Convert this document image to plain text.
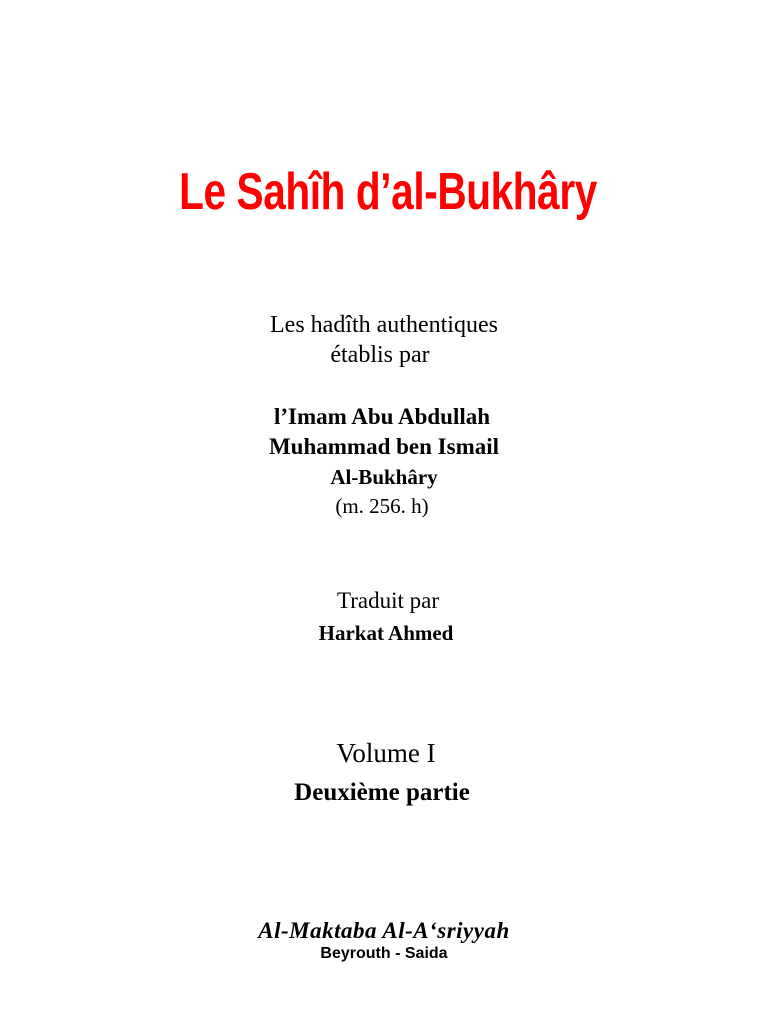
Le Sahîh d’al-Bukhâry
Les hadîth authentiques
établis par
l’Imam Abu Abdullah
Muhammad ben Ismail
Al-Bukhâry
(m. 256. h)
Traduit par
Harkat Ahmed
Volume I
Deuxième partie
Al-Maktaba Al-A‘sriyyah
Beyrouth - Saida
